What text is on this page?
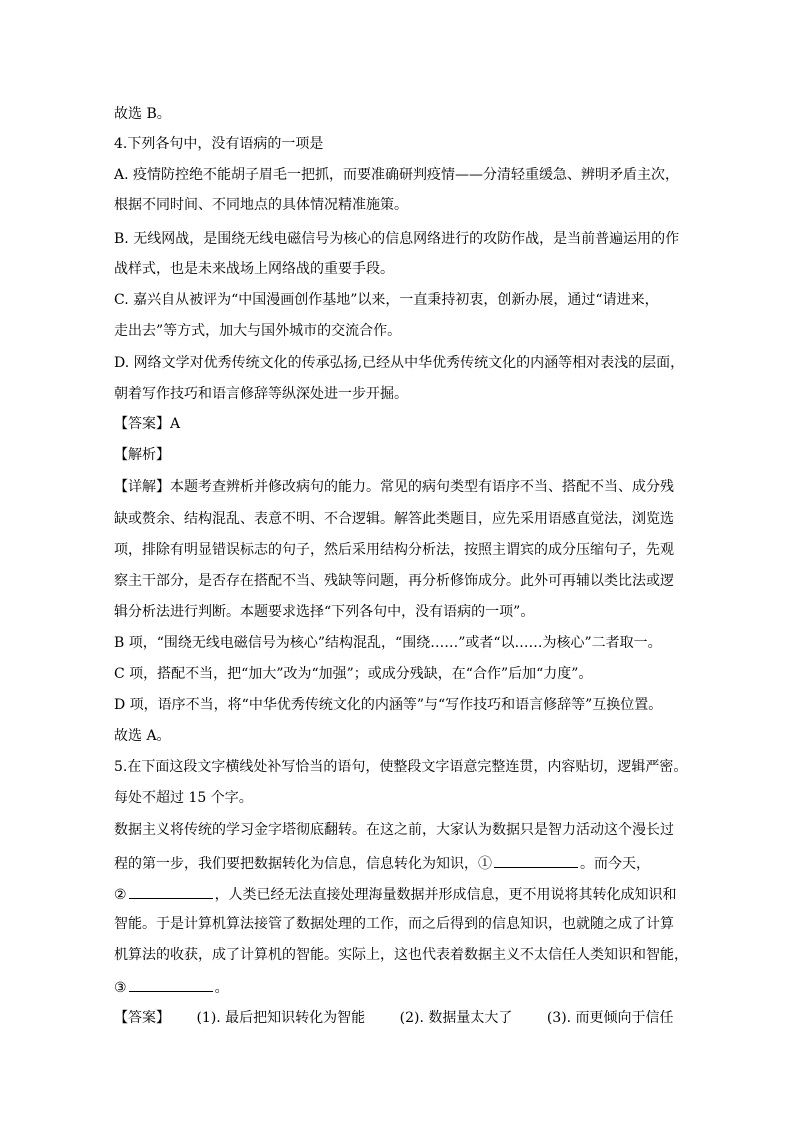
故选 B。
4.下列各句中，没有语病的一项是
A. 疫情防控绝不能胡子眉毛一把抓，而要准确研判疫情——分清轻重缓急、辨明矛盾主次，
根据不同时间、不同地点的具体情况精准施策。
B. 无线网战，是围绕无线电磁信号为核心的信息网络进行的攻防作战，是当前普遍运用的作
战样式，也是未来战场上网络战的重要手段。
C. 嘉兴自从被评为“中国漫画创作基地”以来，一直秉持初衷，创新办展，通过“请进来，
走出去”等方式，加大与国外城市的交流合作。
D. 网络文学对优秀传统文化的传承弘扬,已经从中华优秀传统文化的内涵等相对表浅的层面，
朝着写作技巧和语言修辞等纵深处进一步开掘。
【答案】A
【解析】
【详解】本题考查辨析并修改病句的能力。常见的病句类型有语序不当、搭配不当、成分残
缺或赘余、结构混乱、表意不明、不合逻辑。解答此类题目，应先采用语感直觉法，浏览选
项，排除有明显错误标志的句子，然后采用结构分析法，按照主谓宾的成分压缩句子，先观
察主干部分，是否存在搭配不当、残缺等问题，再分析修饰成分。此外可再辅以类比法或逻
辑分析法进行判断。本题要求选择“下列各句中，没有语病的一项”。
B 项，“围绕无线电磁信号为核心”结构混乱，“围绕……”或者“以……为核心”二者取一。
C 项，搭配不当，把“加大”改为“加强”；或成分残缺，在“合作”后加“力度”。
D 项，语序不当，将“中华优秀传统文化的内涵等”与“写作技巧和语言修辞等”互换位置。
故选 A。
5.在下面这段文字横线处补写恰当的语句，使整段文字语意完整连贯，内容贴切，逻辑严密。
每处不超过 15 个字。
数据主义将传统的学习金字塔彻底翻转。在这之前，大家认为数据只是智力活动这个漫长过
程的第一步，我们要把数据转化为信息，信息转化为知识，①	。而今天，
②	，人类已经无法直接处理海量数据并形成信息，更不用说将其转化成知识和
智能。于是计算机算法接管了数据处理的工作，而之后得到的信息知识，也就随之成了计算
机算法的收获，成了计算机的智能。实际上，这也代表着数据主义不太信任人类知识和智能，
③	。
【答案】 (1). 最后把知识转化为智能 (2). 数据量太大了 (3). 而更倾向于信任
